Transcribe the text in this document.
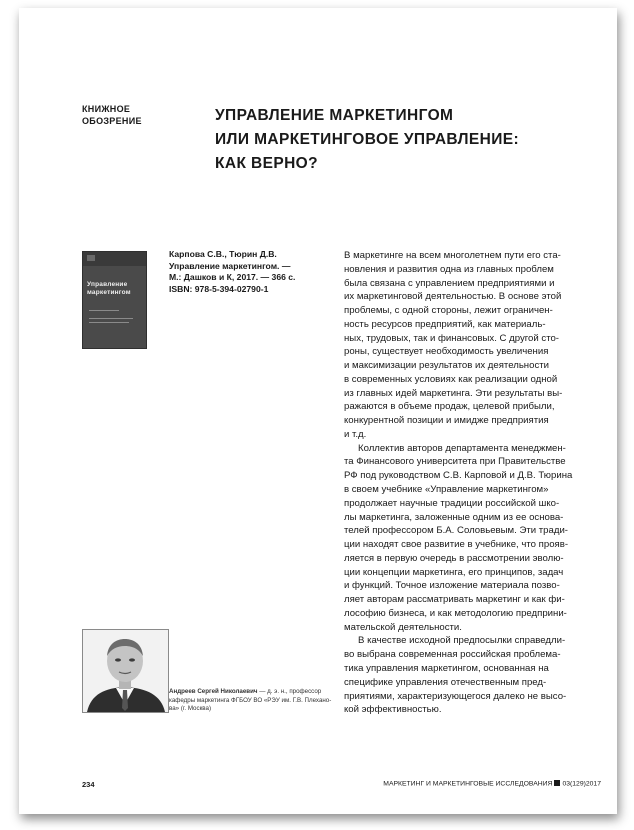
КНИЖНОЕ
ОБОЗРЕНИЕ	УПРАВЛЕНИЕ МАРКЕТИНГОМ
ИЛИ МАРКЕТИНГОВОЕ УПРАВЛЕНИЕ:
КАК ВЕРНО?
Управление
маркетингом
Карпова С.В., Тюрин Д.В.
Управление маркетингом. —
М.: Дашков и К, 2017. — 366 с.
ISBN: 978-5-394-02790-1
В маркетинге на всем многолетнем пути его ста-
новления и развития одна из главных проблем
была связана с управлением предприятиями и
их маркетинговой деятельностью. В основе этой
проблемы, с одной стороны, лежит ограничен-
ность ресурсов предприятий, как материаль-
ных, трудовых, так и финансовых. С другой сто-
роны, существует необходимость увеличения
и максимизации результатов их деятельности
в современных условиях как реализации одной
из главных идей маркетинга. Эти результаты вы-
ражаются в объеме продаж, целевой прибыли,
конкурентной позиции и имидже предприятия
и т.д.
Коллектив авторов департамента менеджмен-
та Финансового университета при Правительстве
РФ под руководством С.В. Карповой и Д.В. Тюрина
в своем учебнике «Управление маркетингом»
продолжает научные традиции российской шко-
лы маркетинга, заложенные одним из ее основа-
телей профессором Б.А. Соловьевым. Эти тради-
ции находят свое развитие в учебнике, что прояв-
ляется в первую очередь в рассмотрении эволю-
ции концепции маркетинга, его принципов, задач
и функций. Точное изложение материала позво-
ляет авторам рассматривать маркетинг и как фи-
лософию бизнеса, и как методологию предприни-
мательской деятельности.
В качестве исходной предпосылки справедли-
во выбрана современная российская проблема-
тика управления маркетингом, основанная на
специфике управления отечественным пред-
приятиями, характеризующегося далеко не высо-
кой эффективностью.
Андреев Сергей Николаевич — д. э. н., профессор
кафедры маркетинга ФГБОУ ВО «РЭУ им. Г.В. Плехано-
ва» (г. Москва)
234	МАРКЕТИНГ И МАРКЕТИНГОВЫЕ ИССЛЕДОВАНИЯ 03(129)2017
